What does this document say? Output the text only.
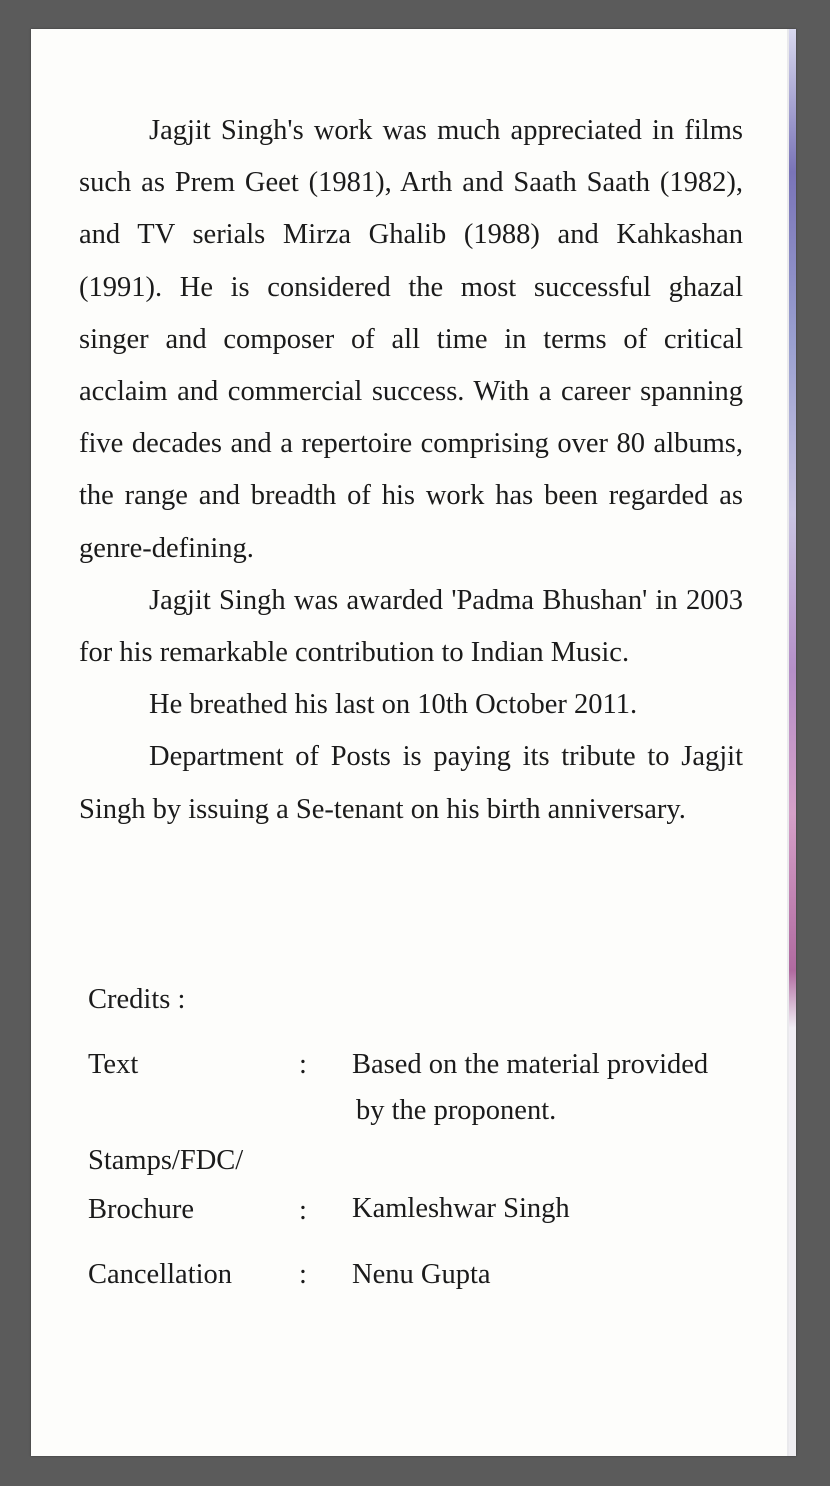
Jagjit Singh's work was much appreciated in films such as Prem Geet (1981), Arth and Saath Saath (1982), and TV serials Mirza Ghalib (1988) and Kahkashan (1991). He is considered the most successful ghazal singer and composer of all time in terms of critical acclaim and commercial success. With a career spanning five decades and a repertoire comprising over 80 albums, the range and breadth of his work has been regarded as genre-defining.

Jagjit Singh was awarded 'Padma Bhushan' in 2003 for his remarkable contribution to Indian Music.

He breathed his last on 10th October 2011.

Department of Posts is paying its tribute to Jagjit Singh by issuing a Se-tenant on his birth anniversary.

Credits :
Text	: Based on the material provided
by the proponent.
Stamps/FDC/
Brochure	: Kamleshwar Singh
Cancellation	: Nenu Gupta
